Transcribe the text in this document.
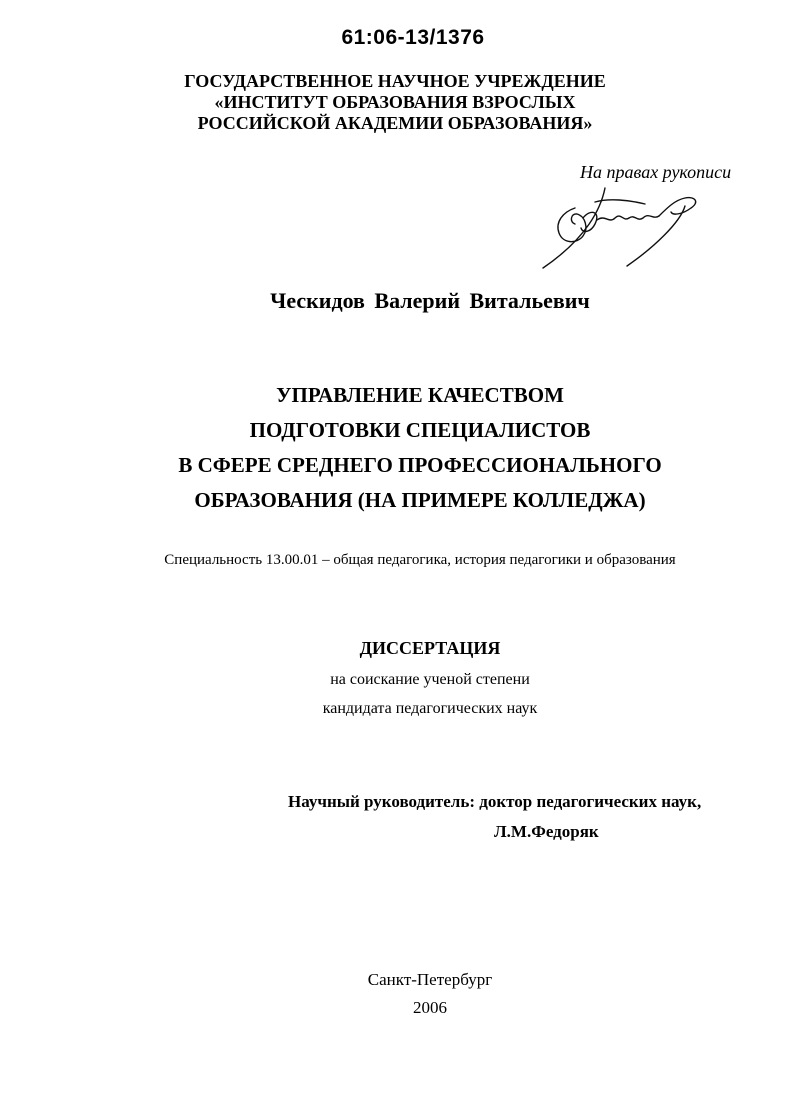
61:06-13/1376
ГОСУДАРСТВЕННОЕ НАУЧНОЕ УЧРЕЖДЕНИЕ
«ИНСТИТУТ ОБРАЗОВАНИЯ ВЗРОСЛЫХ
РОССИЙСКОЙ АКАДЕМИИ ОБРАЗОВАНИЯ»
На правах рукописи
Ческидов Валерий Витальевич
УПРАВЛЕНИЕ КАЧЕСТВОМ
ПОДГОТОВКИ СПЕЦИАЛИСТОВ
В СФЕРЕ СРЕДНЕГО ПРОФЕССИОНАЛЬНОГО
ОБРАЗОВАНИЯ (НА ПРИМЕРЕ КОЛЛЕДЖА)
Специальность 13.00.01 – общая педагогика, история педагогики и образования
ДИССЕРТАЦИЯ
на соискание ученой степени
кандидата педагогических наук
Научный руководитель: доктор педагогических наук,
Л.М.Федоряк
Санкт-Петербург
2006
